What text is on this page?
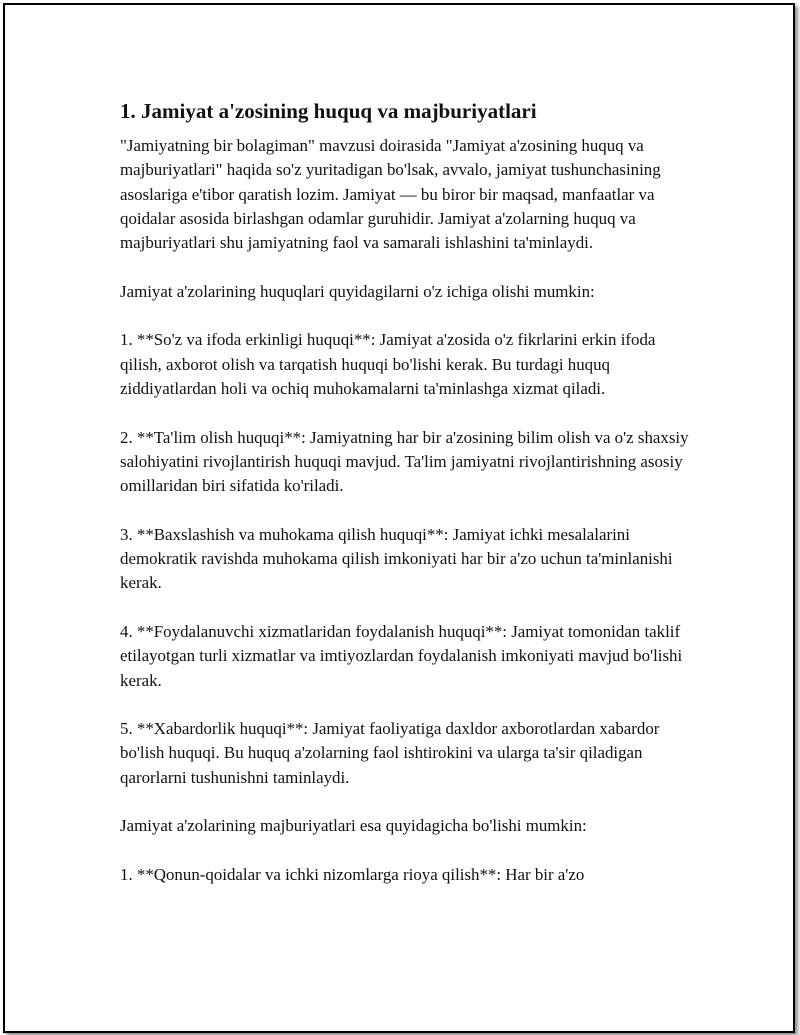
1. Jamiyat a'zosining huquq va majburiyatlari

"Jamiyatning bir bolagiman" mavzusi doirasida "Jamiyat a'zosining huquq va majburiyatlari" haqida so'z yuritadigan bo'lsak, avvalo, jamiyat tushunchasining asoslariga e'tibor qaratish lozim. Jamiyat — bu biror bir maqsad, manfaatlar va qoidalar asosida birlashgan odamlar guruhidir. Jamiyat a'zolarning huquq va majburiyatlari shu jamiyatning faol va samarali ishlashini ta'minlaydi.

Jamiyat a'zolarining huquqlari quyidagilarni o'z ichiga olishi mumkin:

1. **So'z va ifoda erkinligi huquqi**: Jamiyat a'zosida o'z fikrlarini erkin ifoda qilish, axborot olish va tarqatish huquqi bo'lishi kerak. Bu turdagi huquq ziddiyatlardan holi va ochiq muhokamalarni ta'minlashga xizmat qiladi.

2. **Ta'lim olish huquqi**: Jamiyatning har bir a'zosining bilim olish va o'z shaxsiy salohiyatini rivojlantirish huquqi mavjud. Ta'lim jamiyatni rivojlantirishning asosiy omillaridan biri sifatida ko'riladi.

3. **Baxslashish va muhokama qilish huquqi**: Jamiyat ichki mesalalarini demokratik ravishda muhokama qilish imkoniyati har bir a'zo uchun ta'minlanishi kerak.

4. **Foydalanuvchi xizmatlaridan foydalanish huquqi**: Jamiyat tomonidan taklif etilayotgan turli xizmatlar va imtiyozlardan foydalanish imkoniyati mavjud bo'lishi kerak.

5. **Xabardorlik huquqi**: Jamiyat faoliyatiga daxldor axborotlardan xabardor bo'lish huquqi. Bu huquq a'zolarning faol ishtirokini va ularga ta'sir qiladigan qarorlarni tushunishni taminlaydi.

Jamiyat a'zolarining majburiyatlari esa quyidagicha bo'lishi mumkin:

1. **Qonun-qoidalar va ichki nizomlarga rioya qilish**: Har bir a'zo
